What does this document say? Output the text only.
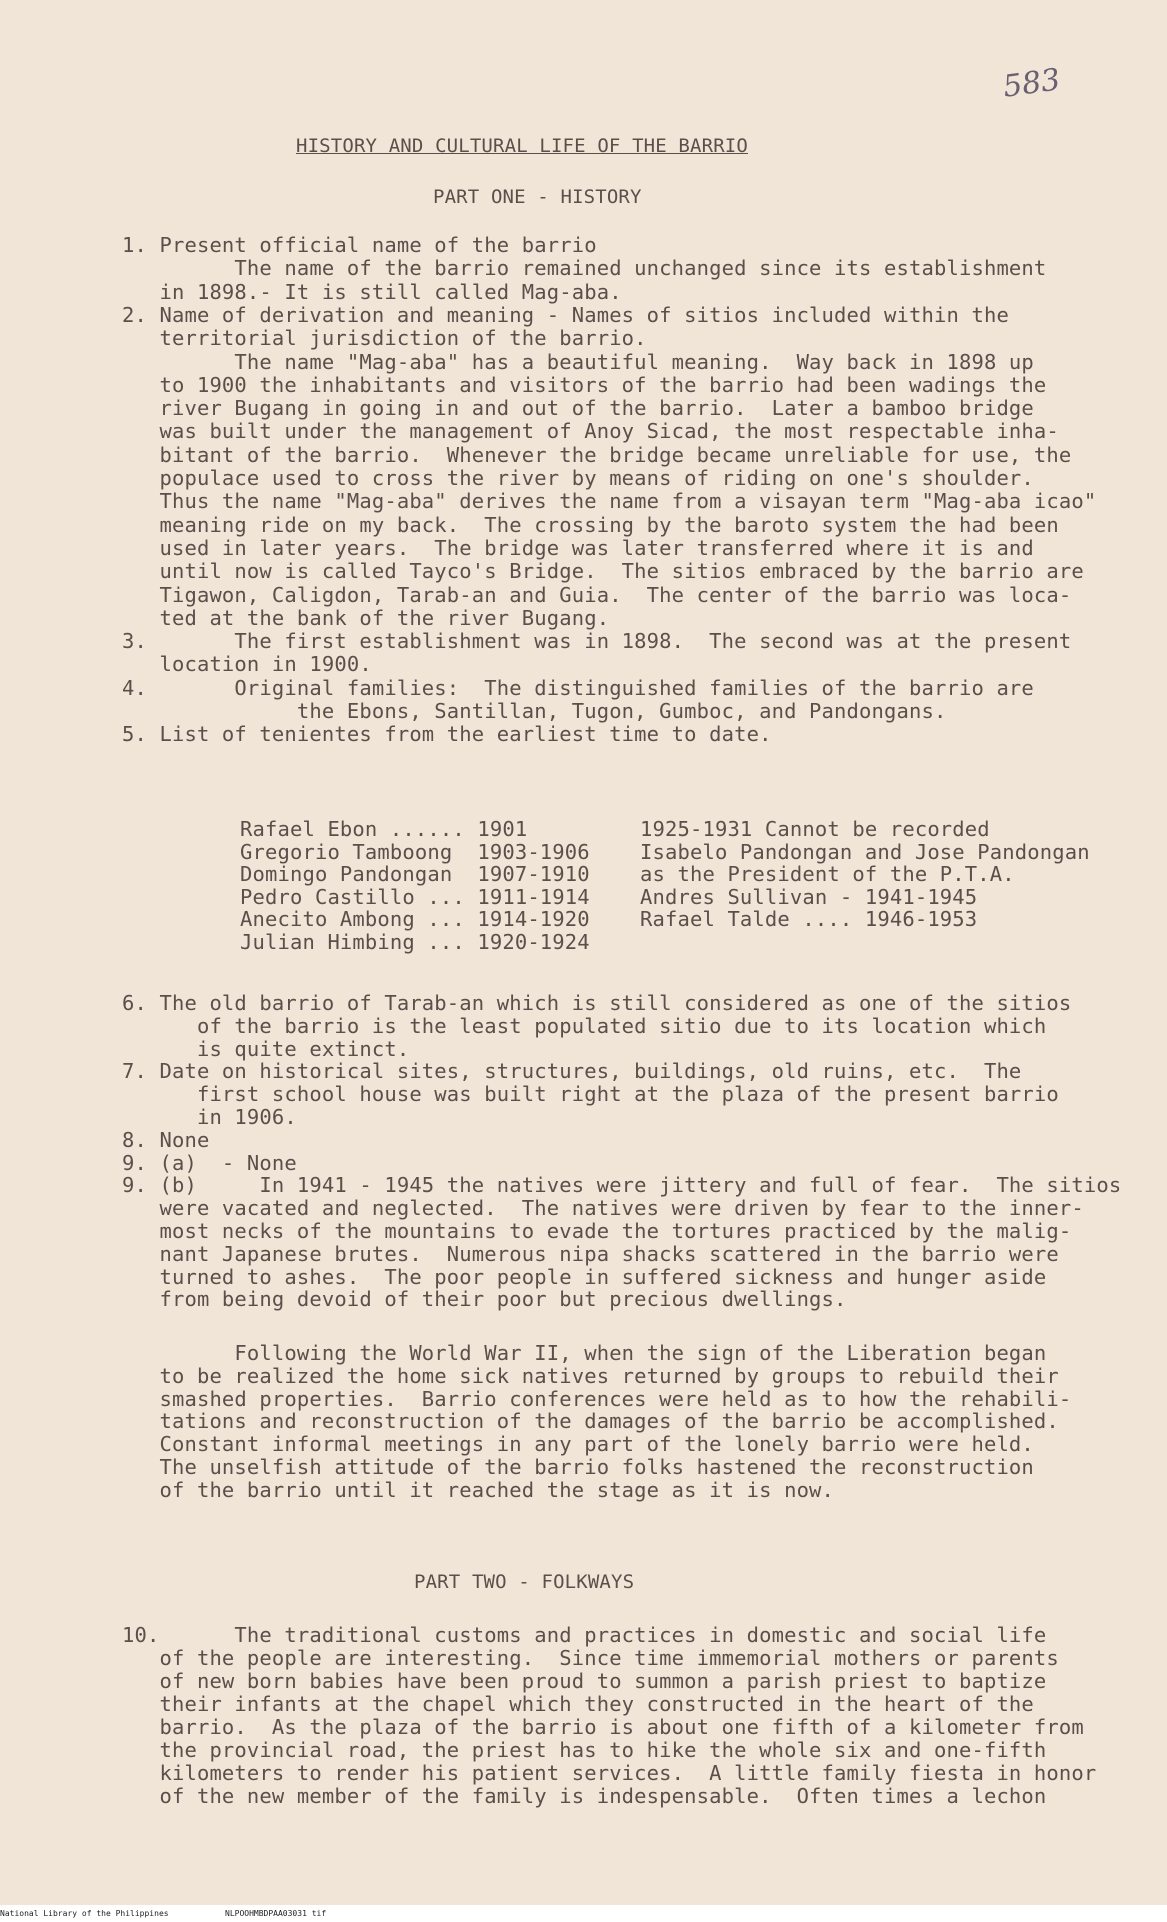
583
HISTORY AND CULTURAL LIFE OF THE BARRIO
PART ONE - HISTORY
1. Present official name of the barrio
The name of the barrio remained unchanged since its establishment
in 1898.- It is still called Mag-aba.
2. Name of derivation and meaning - Names of sitios included within the
territorial jurisdiction of the barrio.
The name "Mag-aba" has a beautiful meaning.  Way back in 1898 up
to 1900 the inhabitants and visitors of the barrio had been wadings the
river Bugang in going in and out of the barrio.  Later a bamboo bridge
was built under the management of Anoy Sicad, the most respectable inha-
bitant of the barrio.  Whenever the bridge became unreliable for use, the
populace used to cross the river by means of riding on one's shoulder.
Thus the name "Mag-aba" derives the name from a visayan term "Mag-aba icao"
meaning ride on my back.  The crossing by the baroto system the had been
used in later years.  The bridge was later transferred where it is and
until now is called Tayco's Bridge.  The sitios embraced by the barrio are
Tigawon, Caligdon, Tarab-an and Guia.  The center of the barrio was loca-
ted at the bank of the river Bugang.
3.       The first establishment was in 1898.  The second was at the present
location in 1900.
4.       Original families:  The distinguished families of the barrio are
the Ebons, Santillan, Tugon, Gumboc, and Pandongans.
5. List of tenientes from the earliest time to date.
Rafael Ebon ...... 1901
Gregorio Tamboong  1903-1906
Domingo Pandongan  1907-1910
Pedro Castillo ... 1911-1914
Anecito Ambong ... 1914-1920
Julian Himbing ... 1920-1924
1925-1931 Cannot be recorded
Isabelo Pandongan and Jose Pandongan
as the President of the P.T.A.
Andres Sullivan - 1941-1945
Rafael Talde .... 1946-1953
6. The old barrio of Tarab-an which is still considered as one of the sitios
of the barrio is the least populated sitio due to its location which
is quite extinct.
7. Date on historical sites, structures, buildings, old ruins, etc.  The
first school house was built right at the plaza of the present barrio
in 1906.
8. None
9. (a)  - None
9. (b)     In 1941 - 1945 the natives were jittery and full of fear.  The sitios
were vacated and neglected.  The natives were driven by fear to the inner-
most necks of the mountains to evade the tortures practiced by the malig-
nant Japanese brutes.  Numerous nipa shacks scattered in the barrio were
turned to ashes.  The poor people in suffered sickness and hunger aside
from being devoid of their poor but precious dwellings.
Following the World War II, when the sign of the Liberation began
to be realized the home sick natives returned by groups to rebuild their
smashed properties.  Barrio conferences were held as to how the rehabili-
tations and reconstruction of the damages of the barrio be accomplished.
Constant informal meetings in any part of the lonely barrio were held.
The unselfish attitude of the barrio folks hastened the reconstruction
of the barrio until it reached the stage as it is now.
PART TWO - FOLKWAYS
10.      The traditional customs and practices in domestic and social life
of the people are interesting.  Since time immemorial mothers or parents
of new born babies have been proud to summon a parish priest to baptize
their infants at the chapel which they constructed in the heart of the
barrio.  As the plaza of the barrio is about one fifth of a kilometer from
the provincial road, the priest has to hike the whole six and one-fifth
kilometers to render his patient services.  A little family fiesta in honor
of the new member of the family is indespensable.  Often times a lechon
National Library of the Philippines	NLPOOHMBDPAA03031 tif
